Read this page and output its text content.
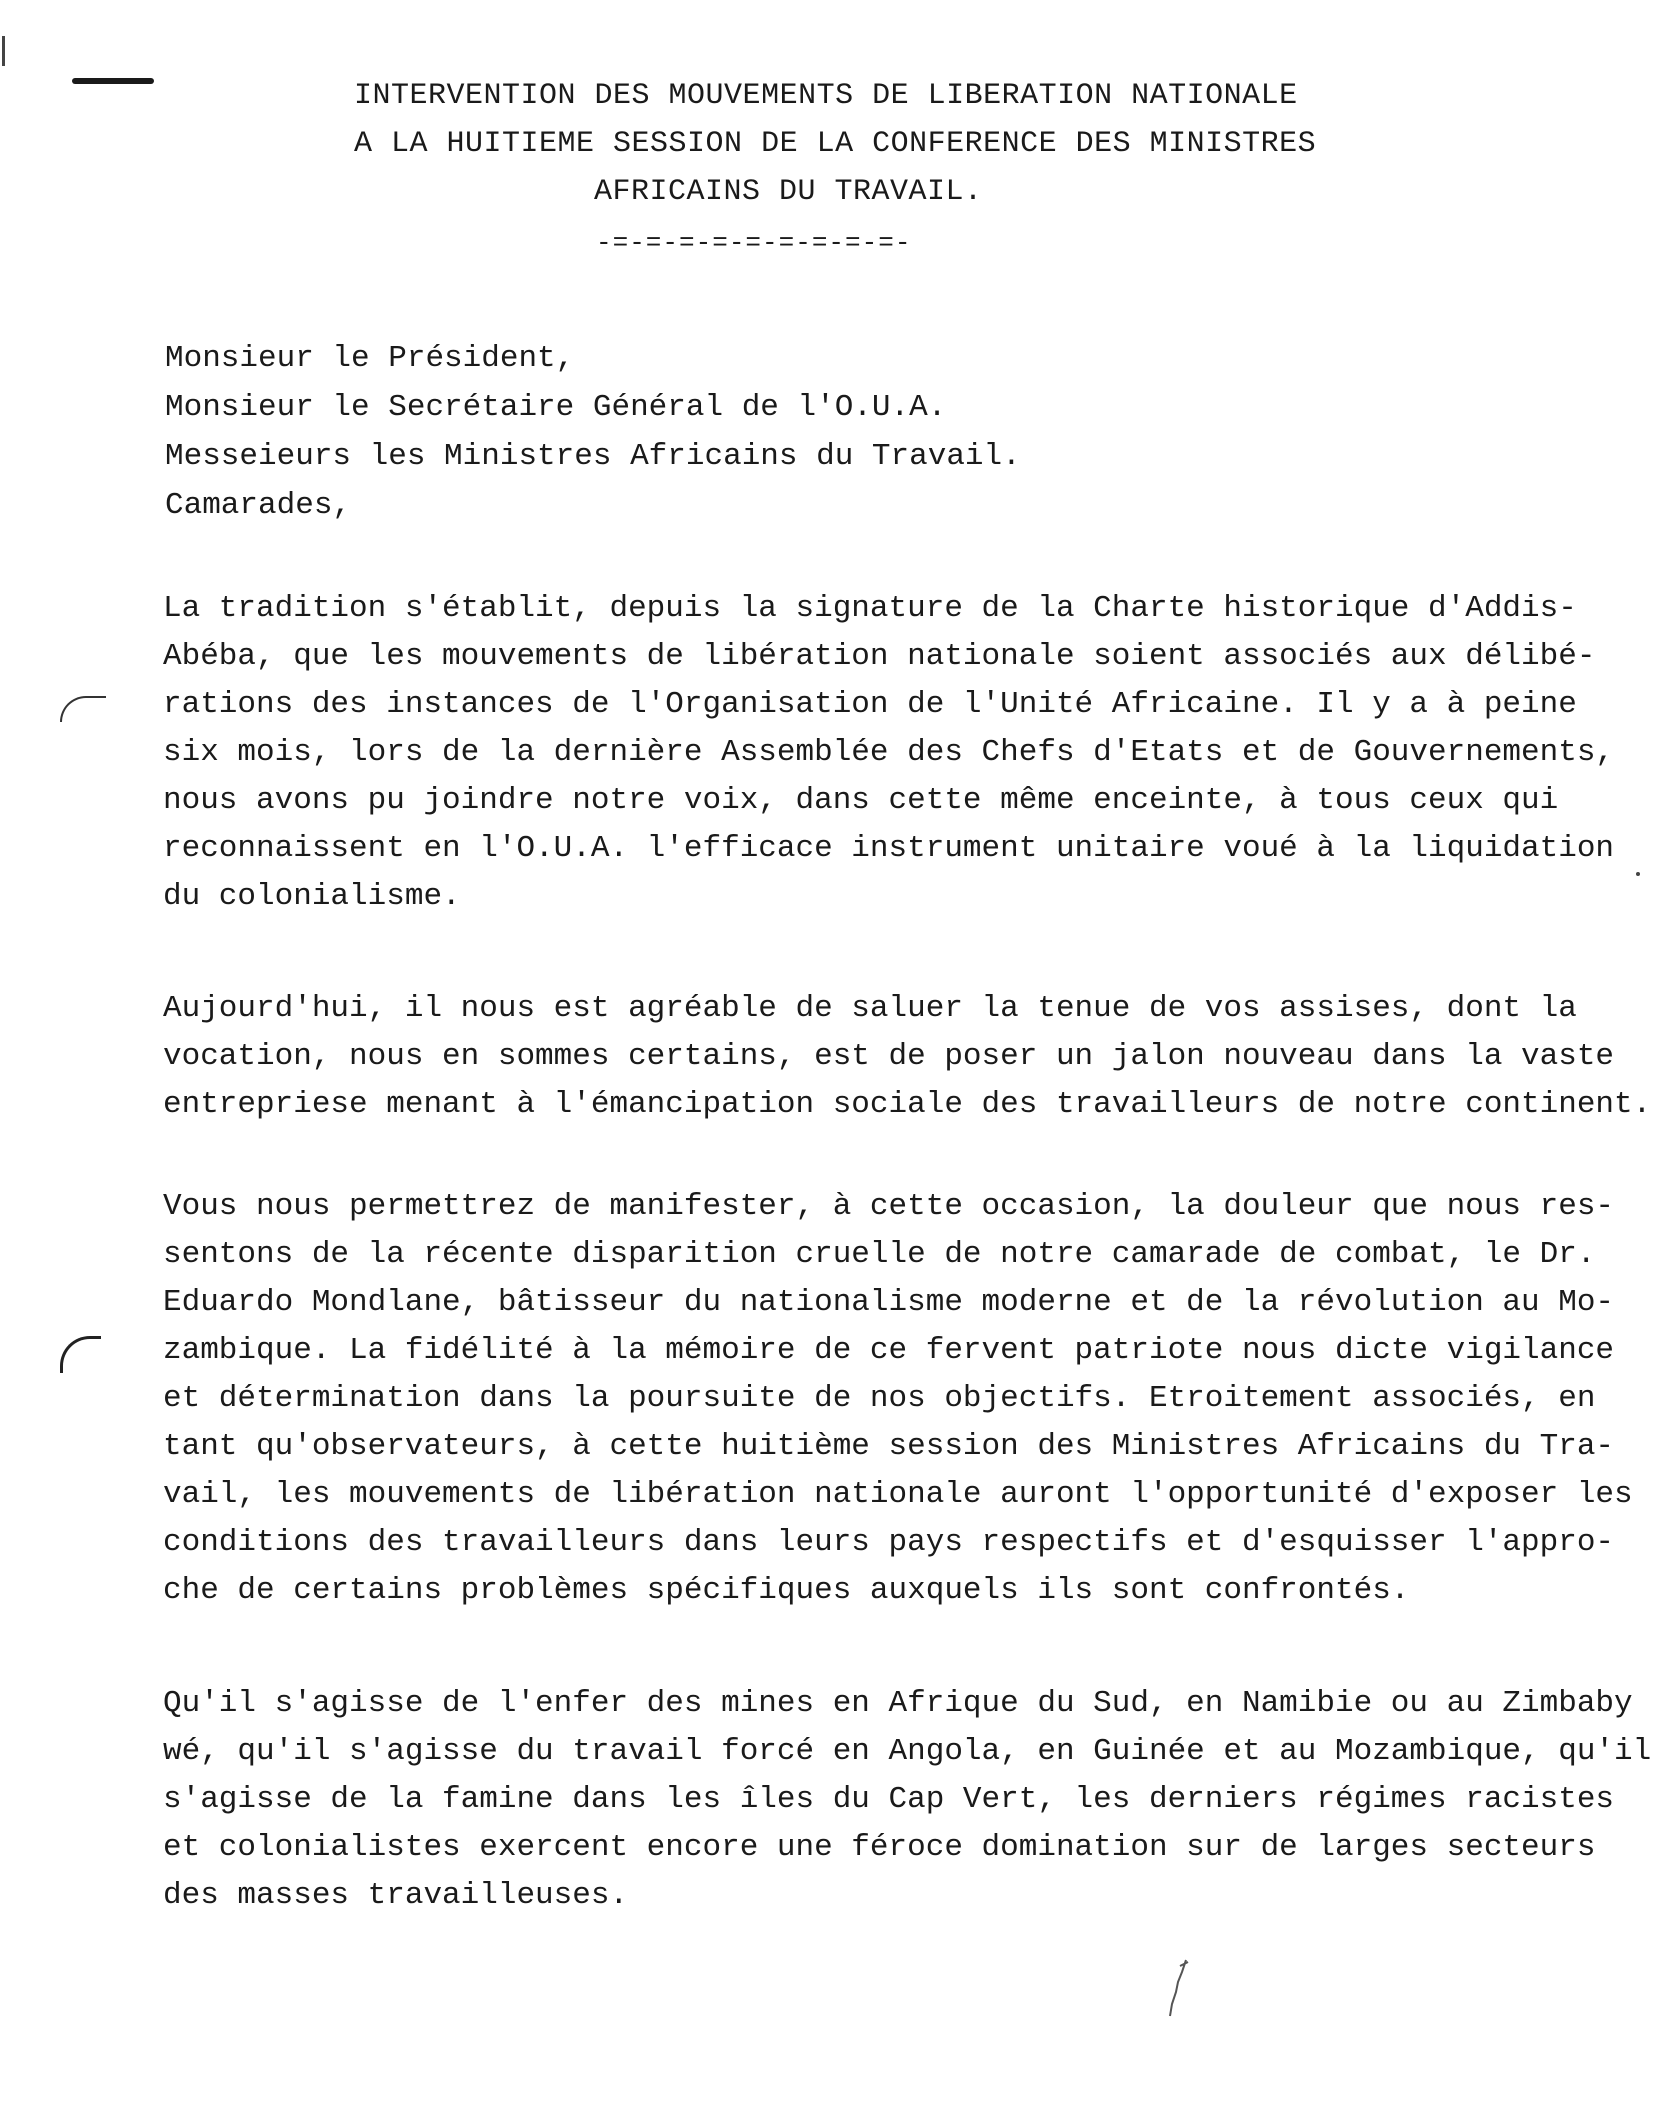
INTERVENTION DES MOUVEMENTS DE LIBERATION NATIONALE
A LA HUITIEME SESSION DE LA CONFERENCE DES MINISTRES
AFRICAINS DU TRAVAIL.
-=-=-=-=-=-=-=-=-=-
Monsieur le Président,
Monsieur le Secrétaire Général de l'O.U.A.
Messeieurs les Ministres Africains du Travail.
Camarades,
La tradition s'établit, depuis la signature de la Charte historique d'Addis-
Abéba, que les mouvements de libération nationale soient associés aux délibé-
rations des instances de l'Organisation de l'Unité Africaine. Il y a à peine
six mois, lors de la dernière Assemblée des Chefs d'Etats et de Gouvernements,
nous avons pu joindre notre voix, dans cette même enceinte, à tous ceux qui
reconnaissent en l'O.U.A. l'efficace instrument unitaire voué à la liquidation
du colonialisme.
Aujourd'hui, il nous est agréable de saluer la tenue de vos assises, dont la
vocation, nous en sommes certains, est de poser un jalon nouveau dans la vaste
entrepriese menant à l'émancipation sociale des travailleurs de notre continent.
Vous nous permettrez de manifester, à cette occasion, la douleur que nous res-
sentons de la récente disparition cruelle de notre camarade de combat, le Dr.
Eduardo Mondlane, bâtisseur du nationalisme moderne et de la révolution au Mo-
zambique. La fidélité à la mémoire de ce fervent patriote nous dicte vigilance
et détermination dans la poursuite de nos objectifs. Etroitement associés, en
tant qu'observateurs, à cette huitième session des Ministres Africains du Tra-
vail, les mouvements de libération nationale auront l'opportunité d'exposer les
conditions des travailleurs dans leurs pays respectifs et d'esquisser l'appro-
che de certains problèmes spécifiques auxquels ils sont confrontés.
Qu'il s'agisse de l'enfer des mines en Afrique du Sud, en Namibie ou au Zimbaby
wé, qu'il s'agisse du travail forcé en Angola, en Guinée et au Mozambique, qu'il
s'agisse de la famine dans les îles du Cap Vert, les derniers régimes racistes
et colonialistes exercent encore une féroce domination sur de larges secteurs
des masses travailleuses.
